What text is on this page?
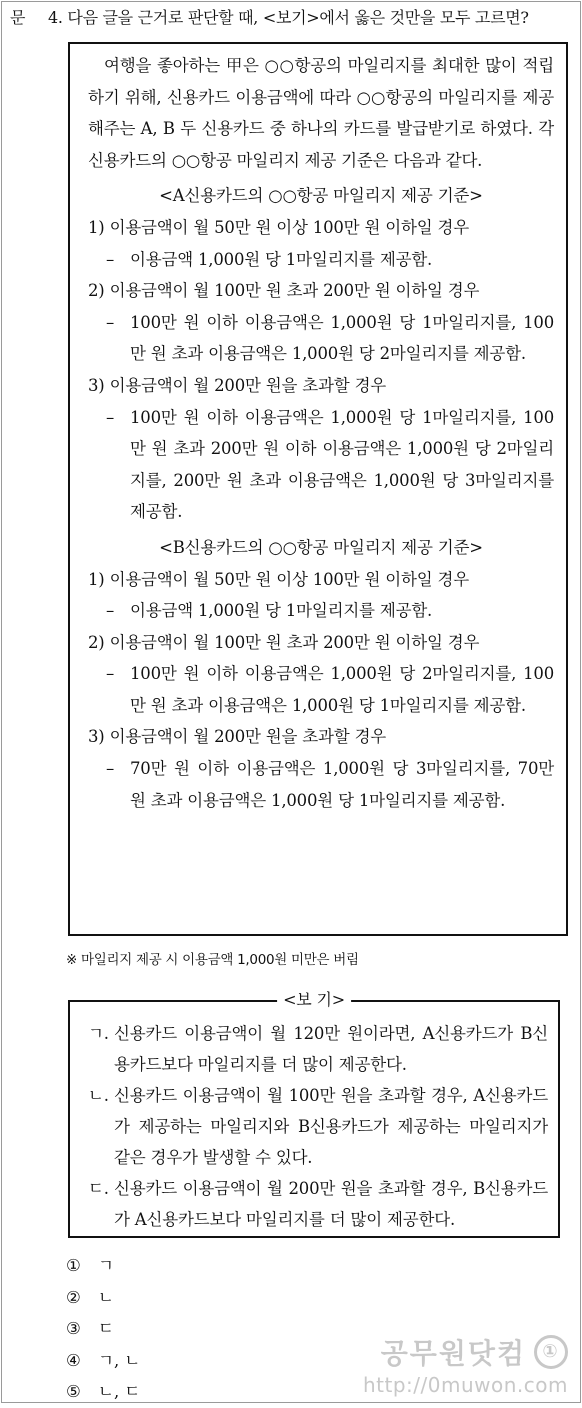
문 4. 다음 글을 근거로 판단할 때, <보기>에서 옳은 것만을 모두 고르면?

여행을 좋아하는 甲은 ○○항공의 마일리지를 최대한 많이 적립하기 위해, 신용카드 이용금액에 따라 ○○항공의 마일리지를 제공해주는 A, B 두 신용카드 중 하나의 카드를 발급받기로 하였다. 각 신용카드의 ○○항공 마일리지 제공 기준은 다음과 같다.

<A신용카드의 ○○항공 마일리지 제공 기준>

1) 이용금액이 월 50만 원 이상 100만 원 이하일 경우

– 이용금액 1,000원 당 1마일리지를 제공함.

2) 이용금액이 월 100만 원 초과 200만 원 이하일 경우

– 100만 원 이하 이용금액은 1,000원 당 1마일리지를, 100만 원 초과 이용금액은 1,000원 당 2마일리지를 제공함.

3) 이용금액이 월 200만 원을 초과할 경우

– 100만 원 이하 이용금액은 1,000원 당 1마일리지를, 100만 원 초과 200만 원 이하 이용금액은 1,000원 당 2마일리지를, 200만 원 초과 이용금액은 1,000원 당 3마일리지를 제공함.

<B신용카드의 ○○항공 마일리지 제공 기준>

1) 이용금액이 월 50만 원 이상 100만 원 이하일 경우

– 이용금액 1,000원 당 1마일리지를 제공함.

2) 이용금액이 월 100만 원 초과 200만 원 이하일 경우

– 100만 원 이하 이용금액은 1,000원 당 2마일리지를, 100만 원 초과 이용금액은 1,000원 당 1마일리지를 제공함.

3) 이용금액이 월 200만 원을 초과할 경우

– 70만 원 이하 이용금액은 1,000원 당 3마일리지를, 70만 원 초과 이용금액은 1,000원 당 1마일리지를 제공함.

※ 마일리지 제공 시 이용금액 1,000원 미만은 버림
<보 기>

ㄱ. 신용카드 이용금액이 월 120만 원이라면, A신용카드가 B신용카드보다 마일리지를 더 많이 제공한다.

ㄴ. 신용카드 이용금액이 월 100만 원을 초과할 경우, A신용카드가 제공하는 마일리지와 B신용카드가 제공하는 마일리지가 같은 경우가 발생할 수 있다.

ㄷ. 신용카드 이용금액이 월 200만 원을 초과할 경우, B신용카드가 A신용카드보다 마일리지를 더 많이 제공한다.

① ㄱ
② ㄴ
③ ㄷ
④ ㄱ, ㄴ
⑤ ㄴ, ㄷ
공무원닷컴 ①
http://0muwon.com
